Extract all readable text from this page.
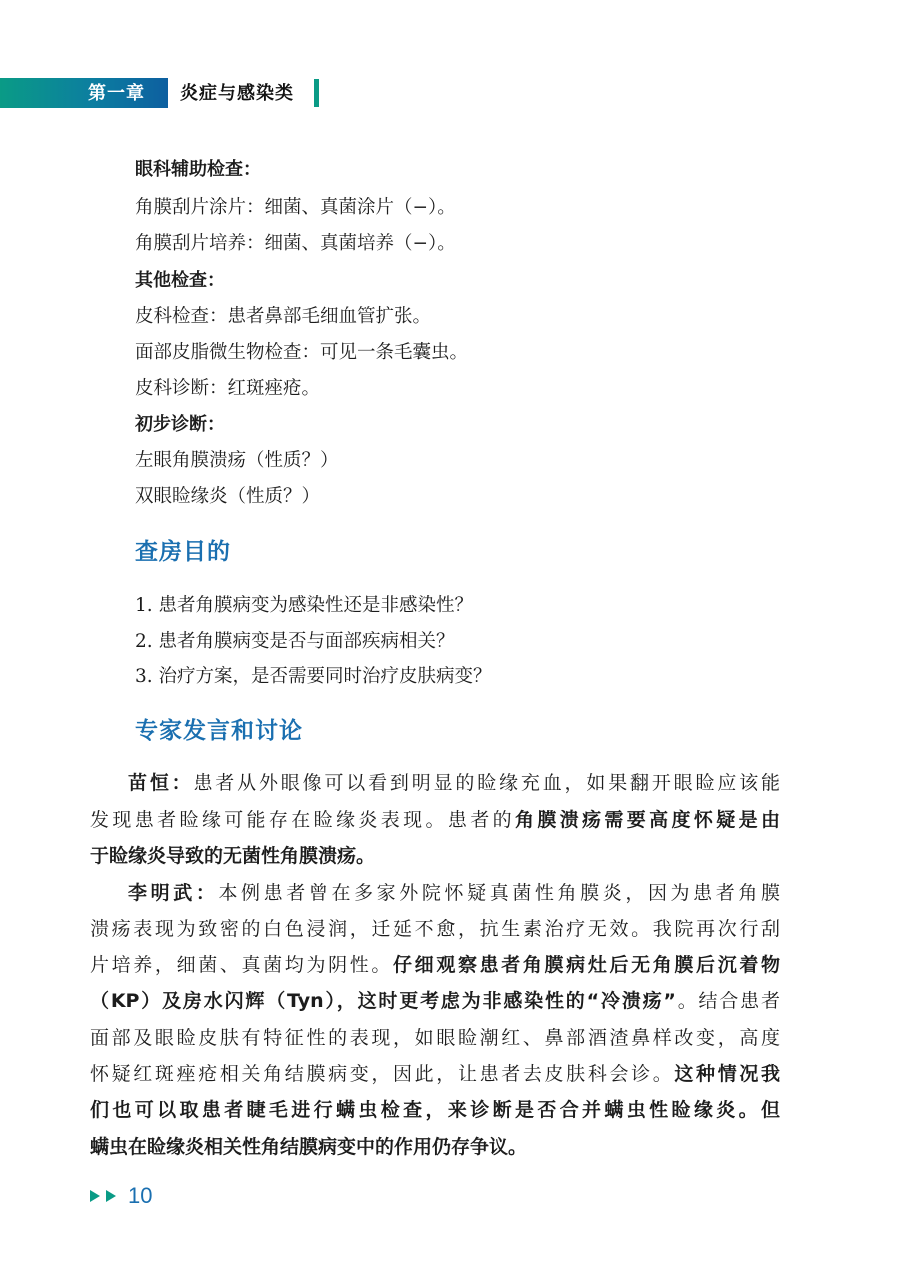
第一章 炎症与感染类
眼科辅助检查：
角膜刮片涂片：细菌、真菌涂片（−）。
角膜刮片培养：细菌、真菌培养（−）。
其他检查：
皮科检查：患者鼻部毛细血管扩张。
面部皮脂微生物检查：可见一条毛囊虫。
皮科诊断：红斑痤疮。
初步诊断：
左眼角膜溃疡（性质？）
双眼睑缘炎（性质？）
查房目的
1. 患者角膜病变为感染性还是非感染性？
2. 患者角膜病变是否与面部疾病相关？
3. 治疗方案，是否需要同时治疗皮肤病变？
专家发言和讨论
苗恒：患者从外眼像可以看到明显的睑缘充血，如果翻开眼睑应该能
发现患者睑缘可能存在睑缘炎表现。患者的角膜溃疡需要高度怀疑是由
于睑缘炎导致的无菌性角膜溃疡。
李明武：本例患者曾在多家外院怀疑真菌性角膜炎，因为患者角膜
溃疡表现为致密的白色浸润，迁延不愈，抗生素治疗无效。我院再次行刮
片培养，细菌、真菌均为阴性。仔细观察患者角膜病灶后无角膜后沉着物
（KP）及房水闪辉（Tyn），这时更考虑为非感染性的“冷溃疡”。结合患者
面部及眼睑皮肤有特征性的表现，如眼睑潮红、鼻部酒渣鼻样改变，高度
怀疑红斑痤疮相关角结膜病变，因此，让患者去皮肤科会诊。这种情况我
们也可以取患者睫毛进行螨虫检查，来诊断是否合并螨虫性睑缘炎。但
螨虫在睑缘炎相关性角结膜病变中的作用仍存争议。
10
